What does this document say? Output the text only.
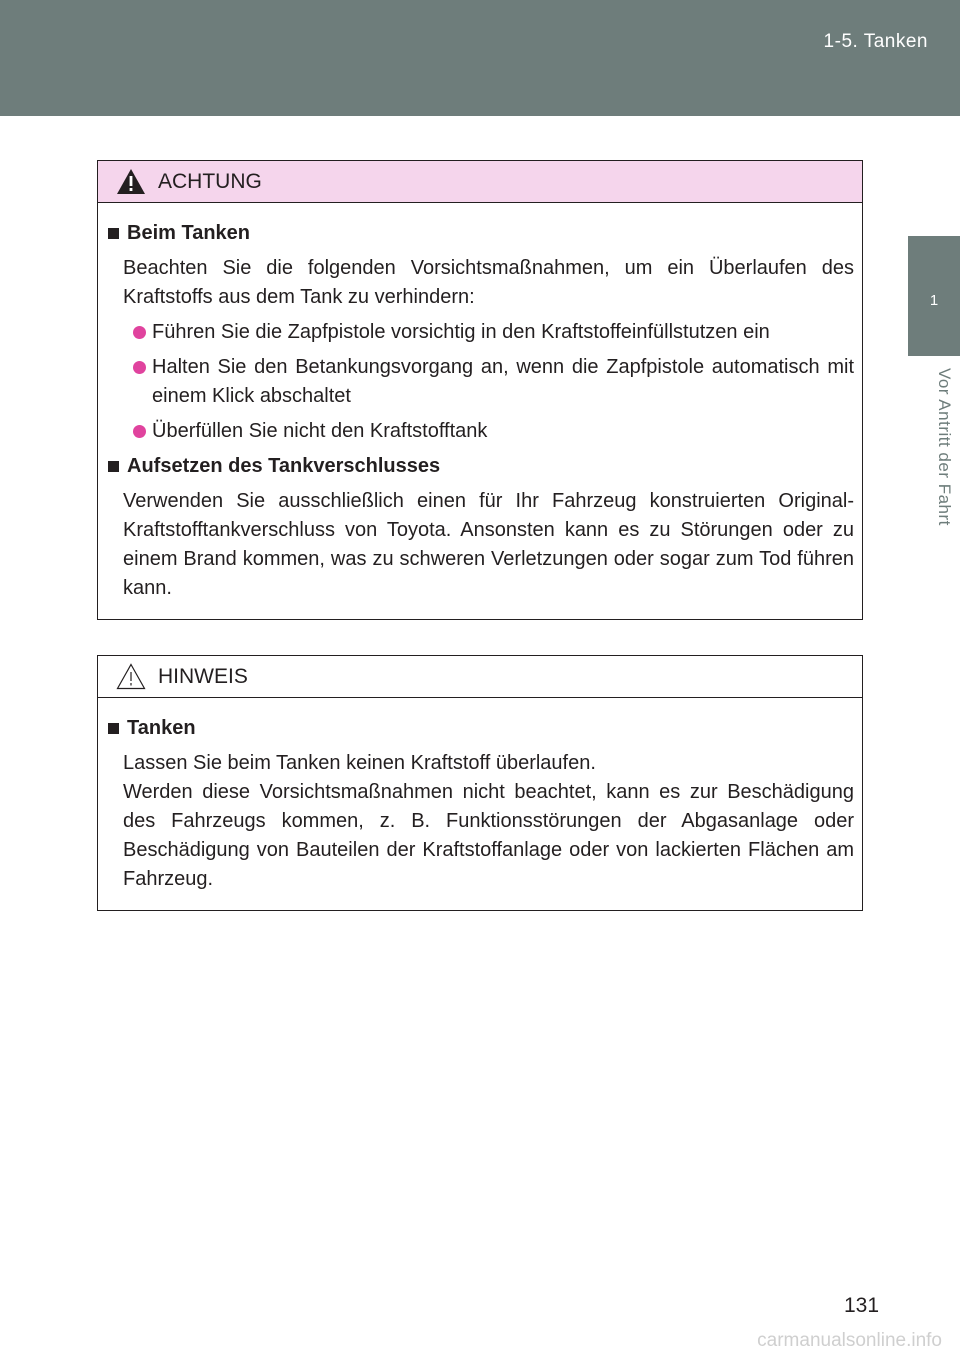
1-5. Tanken
1
Vor Antritt der Fahrt
ACHTUNG
Beim Tanken
Beachten Sie die folgenden Vorsichtsmaßnahmen, um ein Überlaufen des Kraftstoffs aus dem Tank zu verhindern:
Führen Sie die Zapfpistole vorsichtig in den Kraftstoffeinfüllstutzen ein
Halten Sie den Betankungsvorgang an, wenn die Zapfpistole automatisch mit einem Klick abschaltet
Überfüllen Sie nicht den Kraftstofftank
Aufsetzen des Tankverschlusses
Verwenden Sie ausschließlich einen für Ihr Fahrzeug konstruierten Original-Kraftstofftankverschluss von Toyota. Ansonsten kann es zu Störungen oder zu einem Brand kommen, was zu schweren Verletzungen oder sogar zum Tod führen kann.
HINWEIS
Tanken
Lassen Sie beim Tanken keinen Kraftstoff überlaufen.
Werden diese Vorsichtsmaßnahmen nicht beachtet, kann es zur Beschädigung des Fahrzeugs kommen, z. B. Funktionsstörungen der Abgasanlage oder Beschädigung von Bauteilen der Kraftstoffanlage oder von lackierten Flächen am Fahrzeug.
131
carmanualsonline.info
